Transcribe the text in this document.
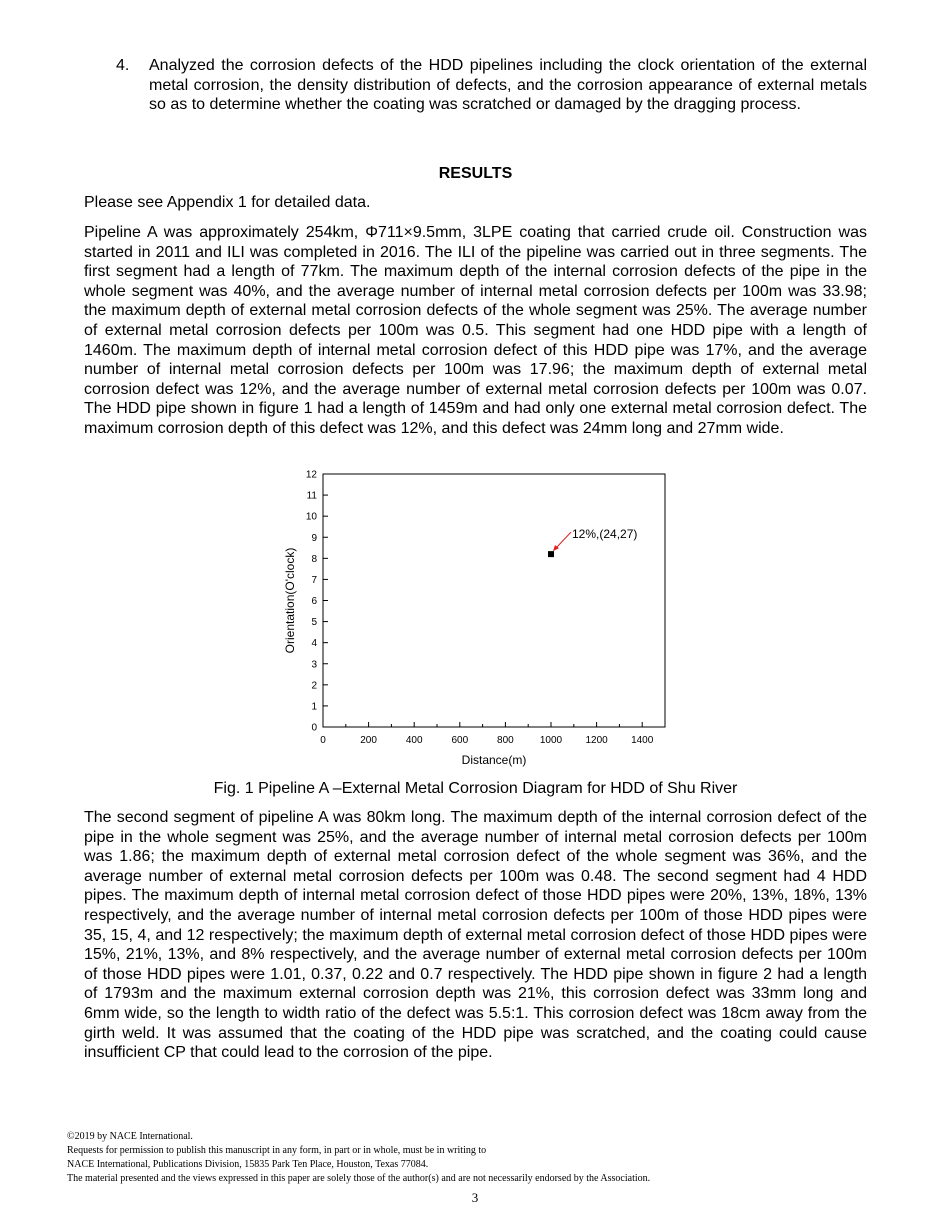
4. Analyzed the corrosion defects of the HDD pipelines including the clock orientation of the external metal corrosion, the density distribution of defects, and the corrosion appearance of external metals so as to determine whether the coating was scratched or damaged by the dragging process.
RESULTS

Please see Appendix 1 for detailed data.

Pipeline A was approximately 254km, Φ711×9.5mm, 3LPE coating that carried crude oil. Construction was started in 2011 and ILI was completed in 2016. The ILI of the pipeline was carried out in three segments. The first segment had a length of 77km. The maximum depth of the internal corrosion defects of the pipe in the whole segment was 40%, and the average number of internal metal corrosion defects per 100m was 33.98; the maximum depth of external metal corrosion defects of the whole segment was 25%. The average number of external metal corrosion defects per 100m was 0.5. This segment had one HDD pipe with a length of 1460m. The maximum depth of internal metal corrosion defect of this HDD pipe was 17%, and the average number of internal metal corrosion defects per 100m was 17.96; the maximum depth of external metal corrosion defect was 12%, and the average number of external metal corrosion defects per 100m was 0.07. The HDD pipe shown in figure 1 had a length of 1459m and had only one external metal corrosion defect. The maximum corrosion depth of this defect was 12%, and this defect was 24mm long and 27mm wide.

0	200	400	600	800	1000 1200 1400
0
1
2
3
4
5
6
7
8
9
10
11
12
Distance(m)
Orientation(O'clock)
12%,(24,27)
Fig. 1 Pipeline A –External Metal Corrosion Diagram for HDD of Shu River

The second segment of pipeline A was 80km long. The maximum depth of the internal corrosion defect of the pipe in the whole segment was 25%, and the average number of internal metal corrosion defects per 100m was 1.86; the maximum depth of external metal corrosion defect of the whole segment was 36%, and the average number of external metal corrosion defects per 100m was 0.48. The second segment had 4 HDD pipes. The maximum depth of internal metal corrosion defect of those HDD pipes were 20%, 13%, 18%, 13% respectively, and the average number of internal metal corrosion defects per 100m of those HDD pipes were 35, 15, 4, and 12 respectively; the maximum depth of external metal corrosion defect of those HDD pipes were 15%, 21%, 13%, and 8% respectively, and the average number of external metal corrosion defects per 100m of those HDD pipes were 1.01, 0.37, 0.22 and 0.7 respectively. The HDD pipe shown in figure 2 had a length of 1793m and the maximum external corrosion depth was 21%, this corrosion defect was 33mm long and 6mm wide, so the length to width ratio of the defect was 5.5:1. This corrosion defect was 18cm away from the girth weld. It was assumed that the coating of the HDD pipe was scratched, and the coating could cause insufficient CP that could lead to the corrosion of the pipe.

©2019 by NACE International.
Requests for permission to publish this manuscript in any form, in part or in whole, must be in writing to
NACE International, Publications Division, 15835 Park Ten Place, Houston, Texas 77084.
The material presented and the views expressed in this paper are solely those of the author(s) and are not necessarily endorsed by the Association.
3
